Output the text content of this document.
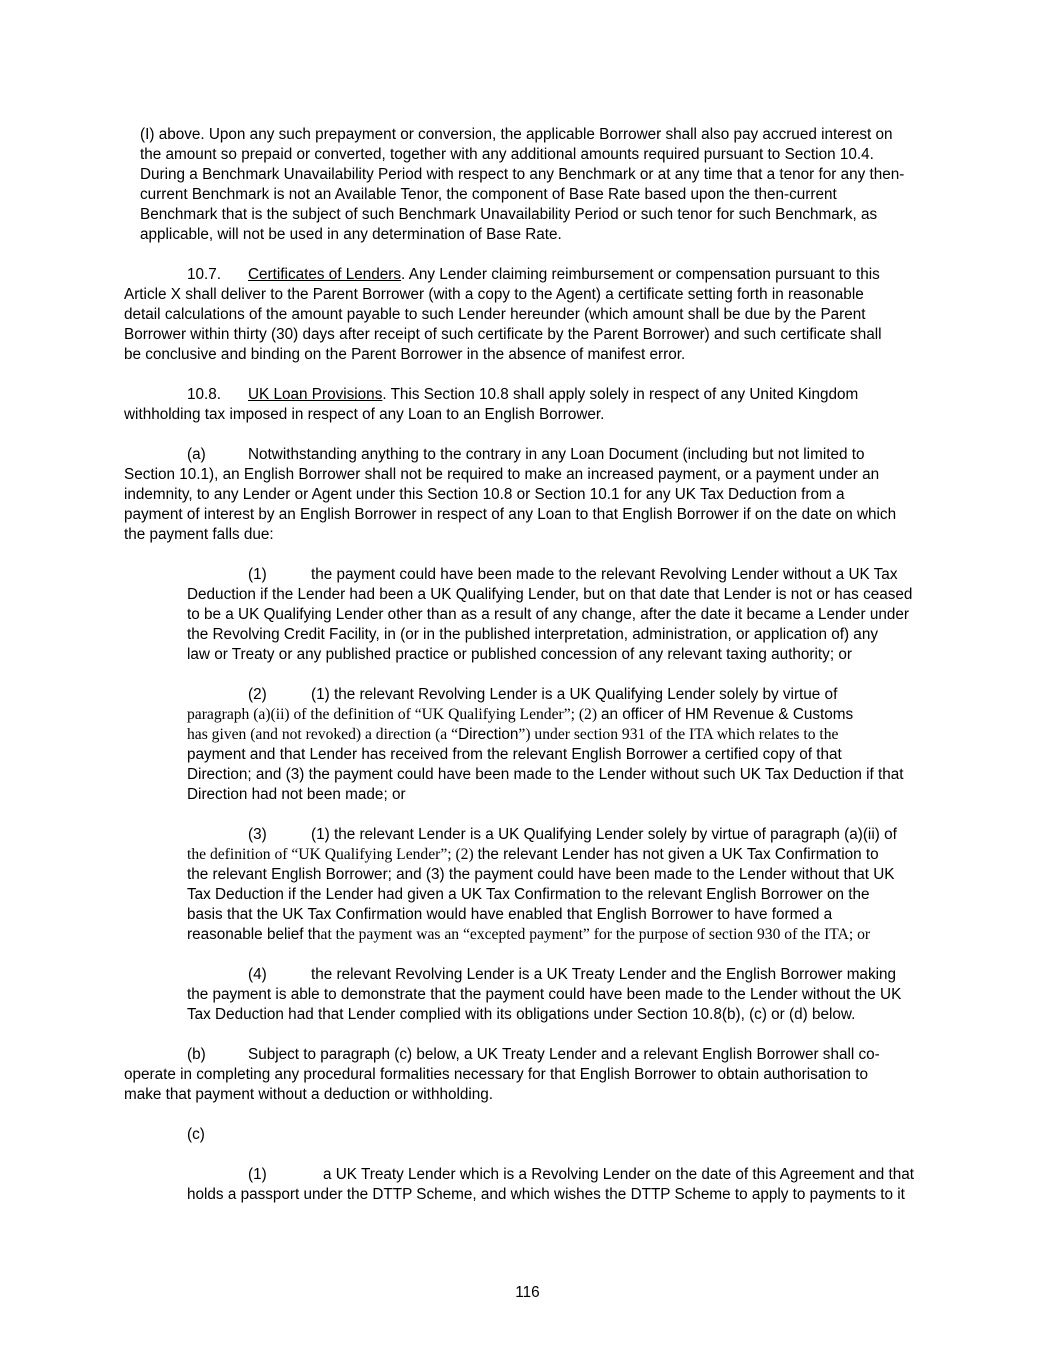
(I) above. Upon any such prepayment or conversion, the applicable Borrower shall also pay accrued interest on
the amount so prepaid or converted, together with any additional amounts required pursuant to Section 10.4.
During a Benchmark Unavailability Period with respect to any Benchmark or at any time that a tenor for any then-
current Benchmark is not an Available Tenor, the component of Base Rate based upon the then-current
Benchmark that is the subject of such Benchmark Unavailability Period or such tenor for such Benchmark, as
applicable, will not be used in any determination of Base Rate.
10.7. Certificates of Lenders. Any Lender claiming reimbursement or compensation pursuant to this
Article X shall deliver to the Parent Borrower (with a copy to the Agent) a certificate setting forth in reasonable
detail calculations of the amount payable to such Lender hereunder (which amount shall be due by the Parent
Borrower within thirty (30) days after receipt of such certificate by the Parent Borrower) and such certificate shall
be conclusive and binding on the Parent Borrower in the absence of manifest error.
10.8. UK Loan Provisions. This Section 10.8 shall apply solely in respect of any United Kingdom
withholding tax imposed in respect of any Loan to an English Borrower.
(a)	Notwithstanding anything to the contrary in any Loan Document (including but not limited to
Section 10.1), an English Borrower shall not be required to make an increased payment, or a payment under an
indemnity, to any Lender or Agent under this Section 10.8 or Section 10.1 for any UK Tax Deduction from a
payment of interest by an English Borrower in respect of any Loan to that English Borrower if on the date on which
the payment falls due:
(1)	the payment could have been made to the relevant Revolving Lender without a UK Tax
Deduction if the Lender had been a UK Qualifying Lender, but on that date that Lender is not or has ceased
to be a UK Qualifying Lender other than as a result of any change, after the date it became a Lender under
the Revolving Credit Facility, in (or in the published interpretation, administration, or application of) any
law or Treaty or any published practice or published concession of any relevant taxing authority; or
(2)	(1) the relevant Revolving Lender is a UK Qualifying Lender solely by virtue of
paragraph (a)(ii) of the definition of “UK Qualifying Lender”; (2) an officer of HM Revenue & Customs
has given (and not revoked) a direction (a “Direction”) under section 931 of the ITA which relates to the
payment and that Lender has received from the relevant English Borrower a certified copy of that
Direction; and (3) the payment could have been made to the Lender without such UK Tax Deduction if that
Direction had not been made; or
(3)	(1) the relevant Lender is a UK Qualifying Lender solely by virtue of paragraph (a)(ii) of
the definition of “UK Qualifying Lender”; (2) the relevant Lender has not given a UK Tax Confirmation to
the relevant English Borrower; and (3) the payment could have been made to the Lender without that UK
Tax Deduction if the Lender had given a UK Tax Confirmation to the relevant English Borrower on the
basis that the UK Tax Confirmation would have enabled that English Borrower to have formed a
reasonable belief that the payment was an “excepted payment” for the purpose of section 930 of the ITA; or
(4)	the relevant Revolving Lender is a UK Treaty Lender and the English Borrower making
the payment is able to demonstrate that the payment could have been made to the Lender without the UK
Tax Deduction had that Lender complied with its obligations under Section 10.8(b), (c) or (d) below.
(b)	Subject to paragraph (c) below, a UK Treaty Lender and a relevant English Borrower shall co-
operate in completing any procedural formalities necessary for that English Borrower to obtain authorisation to
make that payment without a deduction or withholding.
(c)
(1)	a UK Treaty Lender which is a Revolving Lender on the date of this Agreement and that
holds a passport under the DTTP Scheme, and which wishes the DTTP Scheme to apply to payments to it
116
